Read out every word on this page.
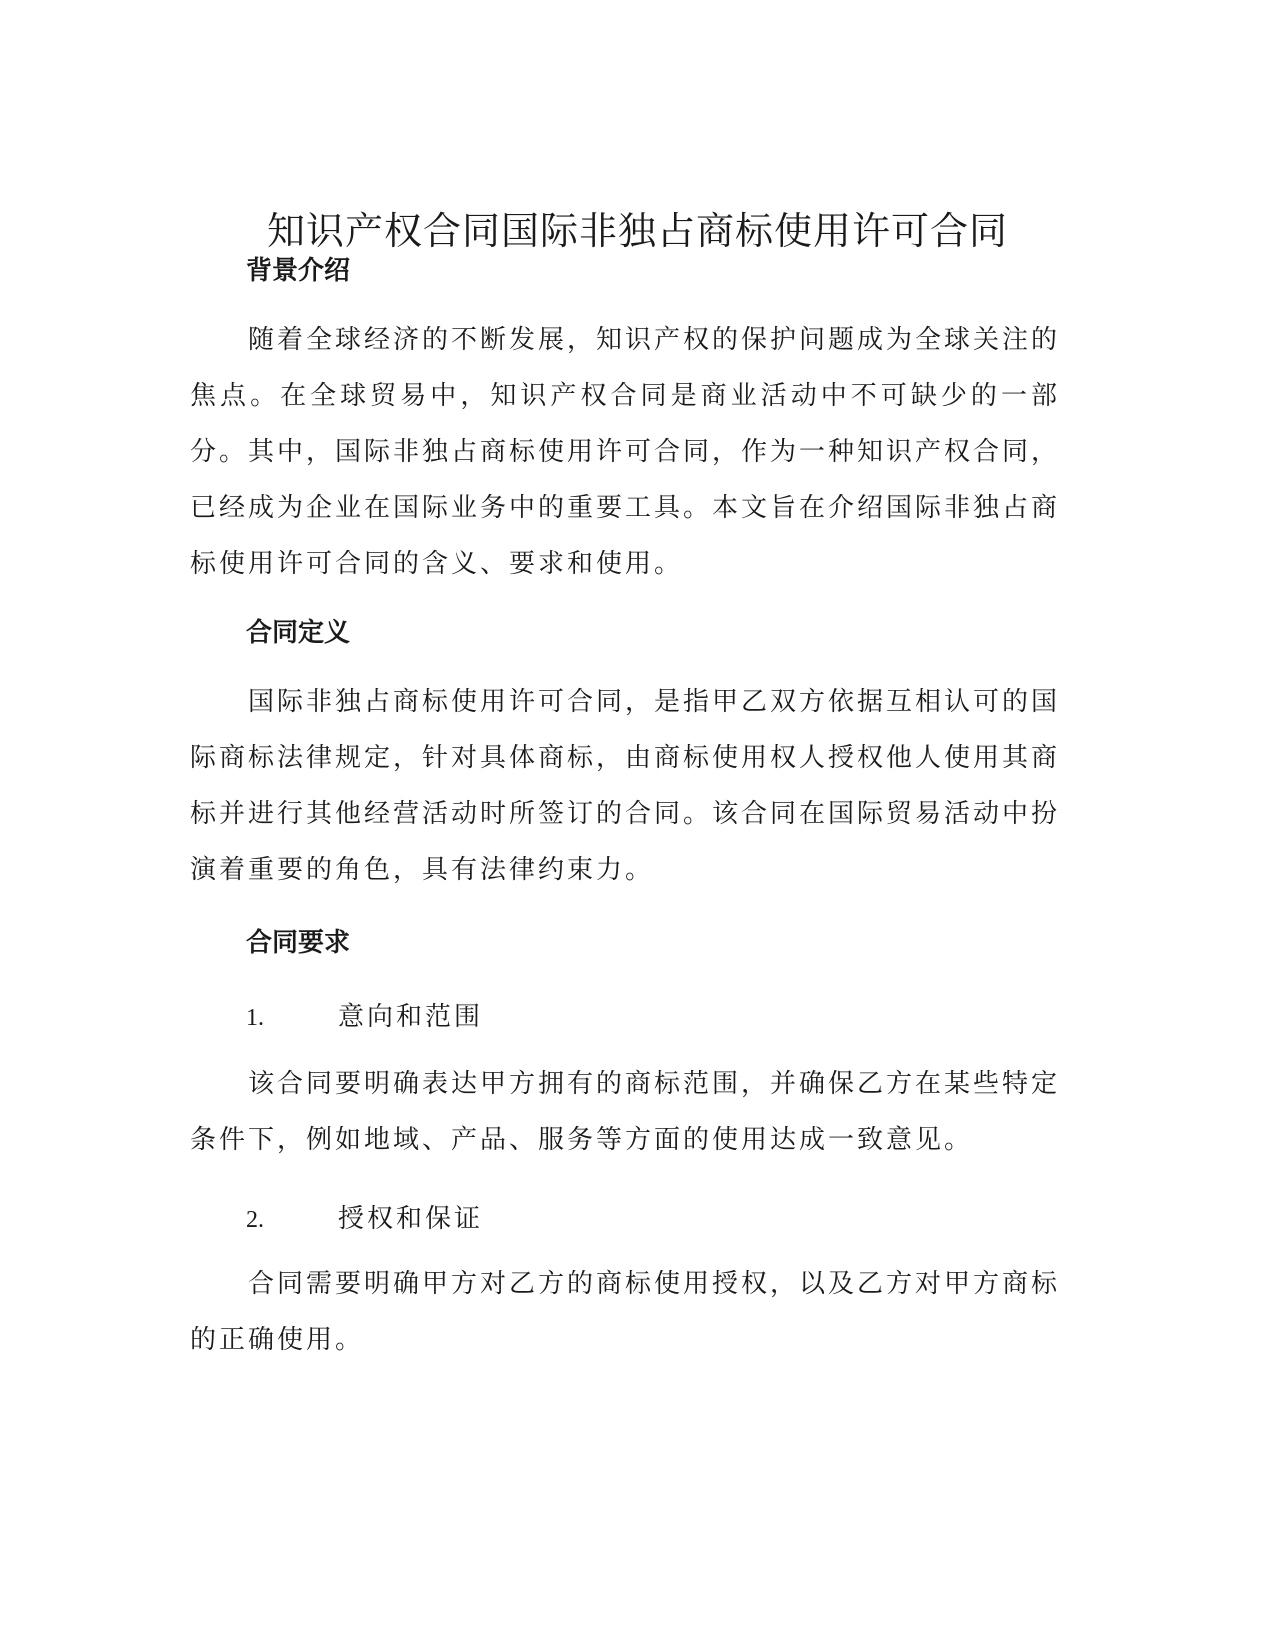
知识产权合同国际非独占商标使用许可合同
背景介绍

随着全球经济的不断发展，知识产权的保护问题成为全球关注的焦点。在全球贸易中，知识产权合同是商业活动中不可缺少的一部分。其中，国际非独占商标使用许可合同，作为一种知识产权合同，已经成为企业在国际业务中的重要工具。本文旨在介绍国际非独占商标使用许可合同的含义、要求和使用。

合同定义

国际非独占商标使用许可合同，是指甲乙双方依据互相认可的国际商标法律规定，针对具体商标，由商标使用权人授权他人使用其商标并进行其他经营活动时所签订的合同。该合同在国际贸易活动中扮演着重要的角色，具有法律约束力。

合同要求
1.	意向和范围

该合同要明确表达甲方拥有的商标范围，并确保乙方在某些特定条件下，例如地域、产品、服务等方面的使用达成一致意见。

2.	授权和保证

合同需要明确甲方对乙方的商标使用授权，以及乙方对甲方商标的正确使用。
